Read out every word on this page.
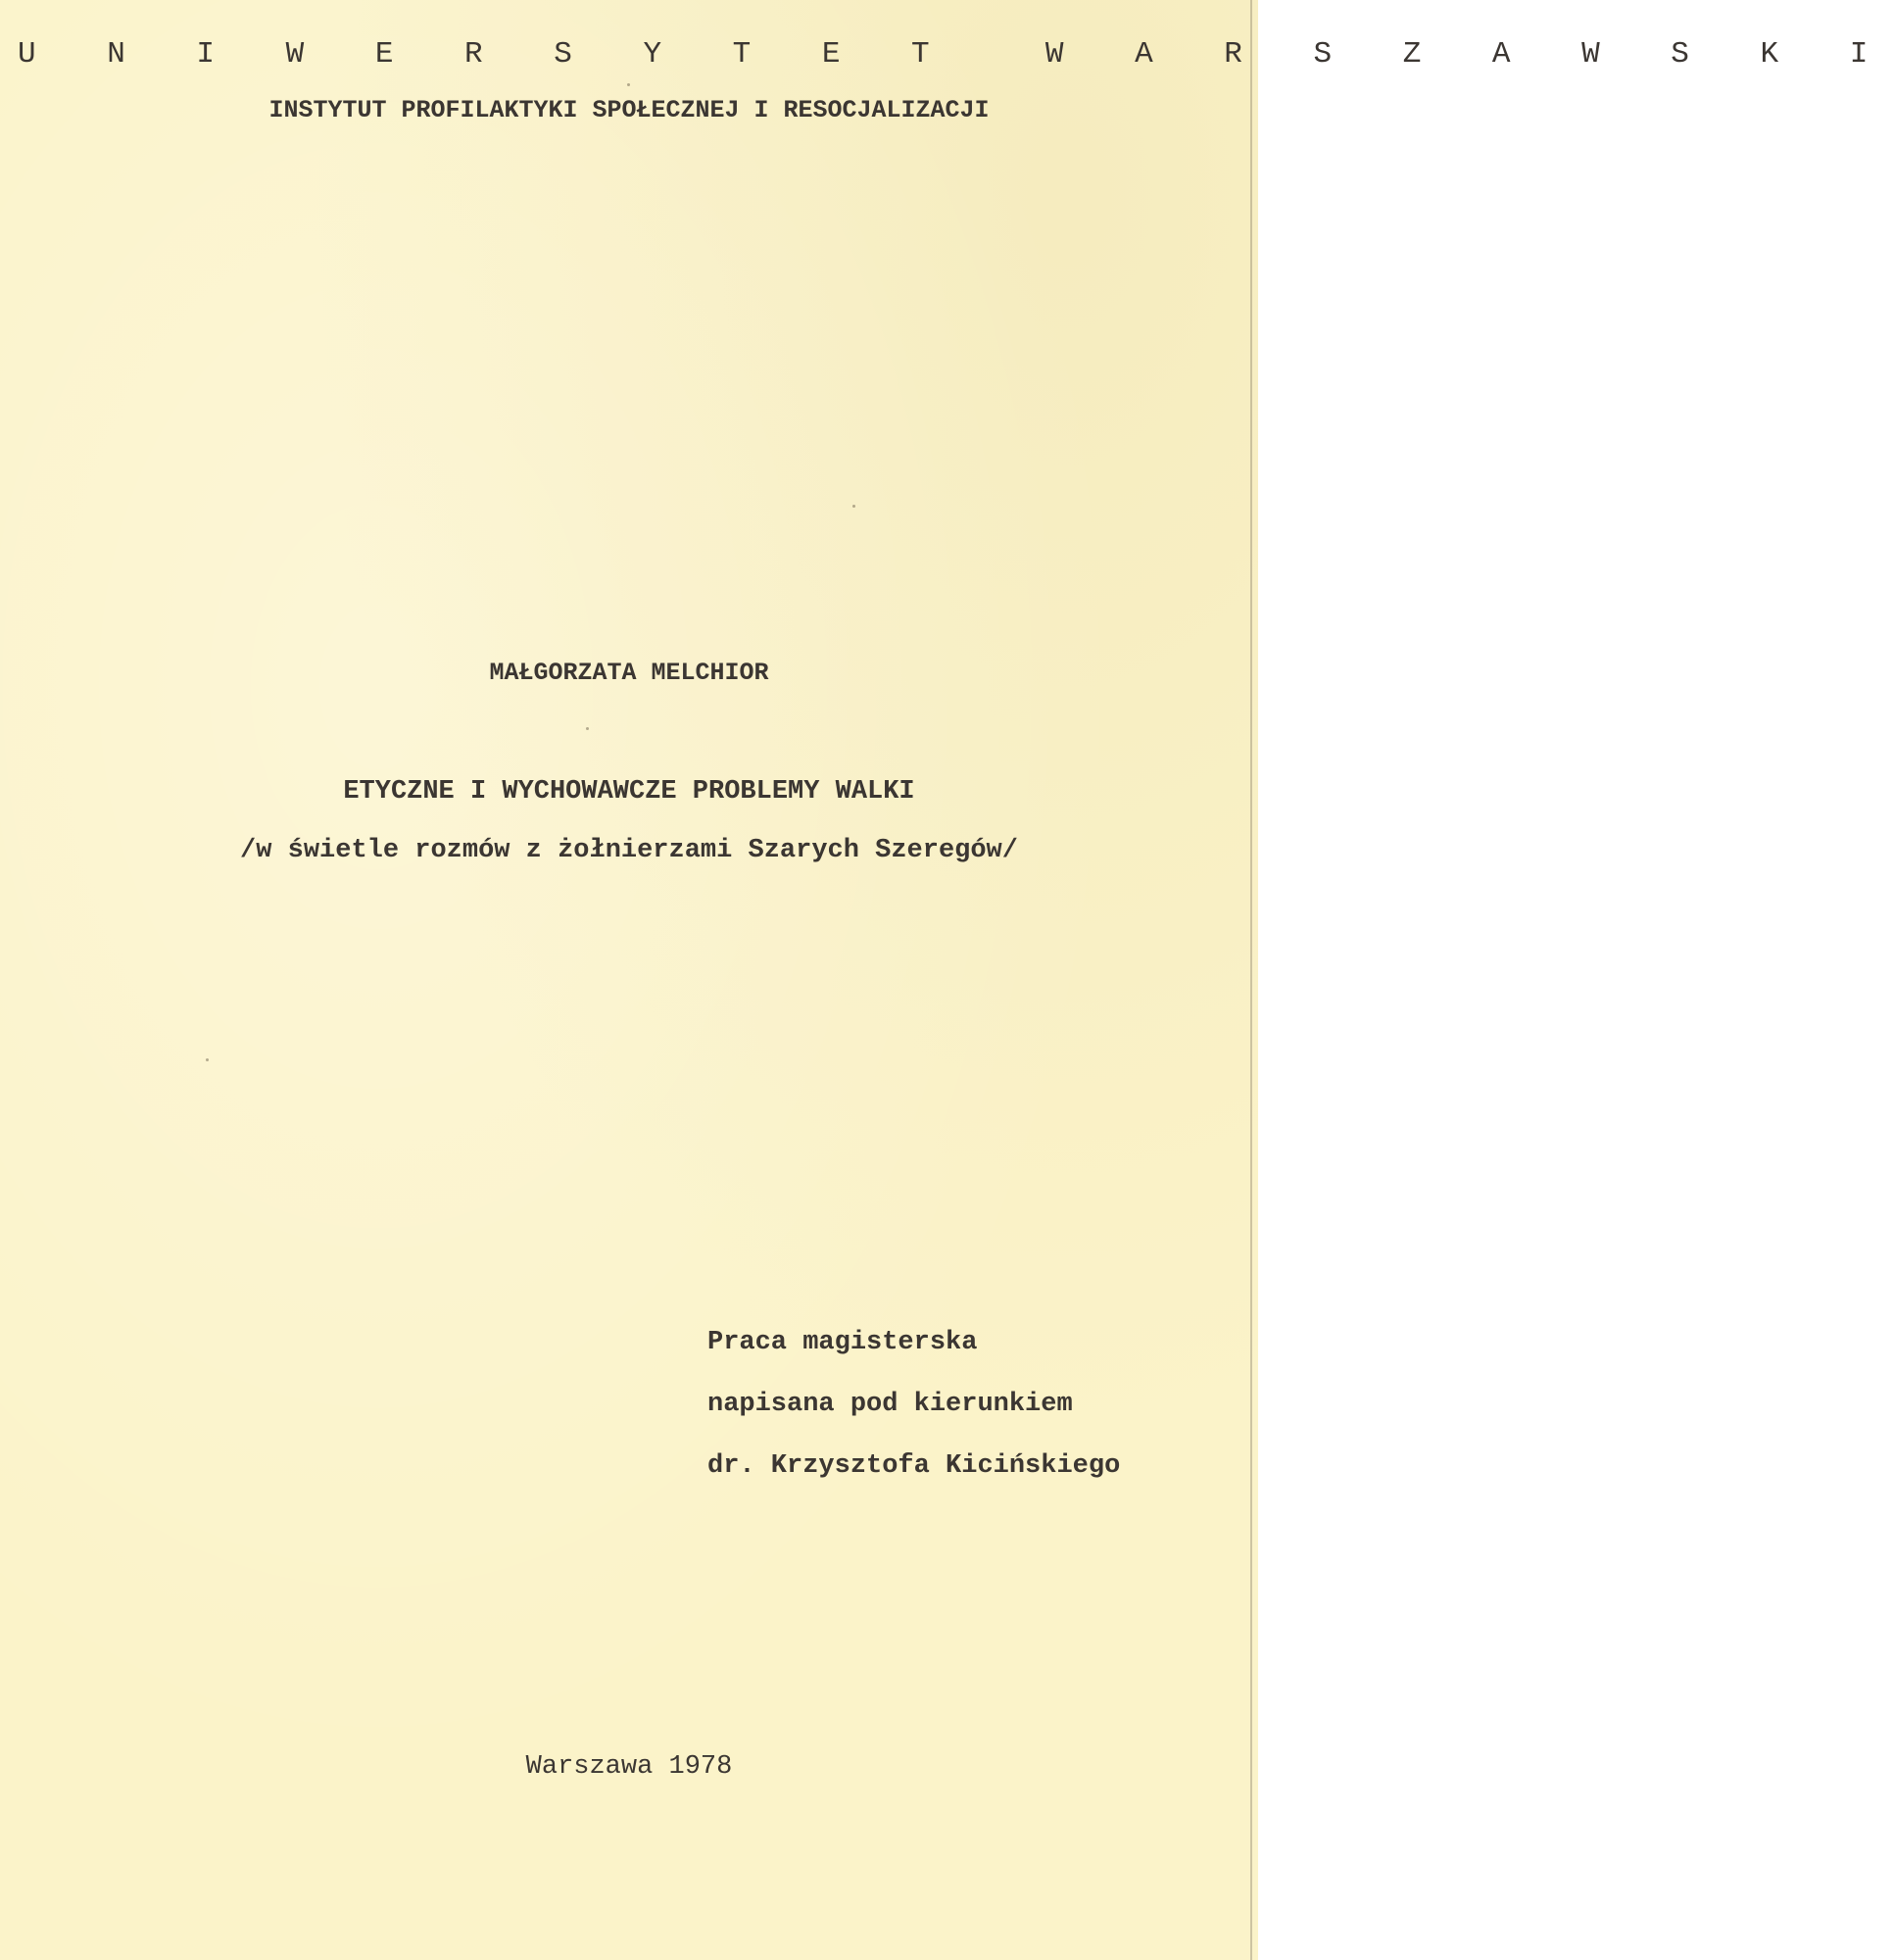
U N I W E R S Y T E T  W A R S Z A W S K I
INSTYTUT PROFILAKTYKI SPOŁECZNEJ I RESOCJALIZACJI
MAŁGORZATA MELCHIOR
ETYCZNE I WYCHOWAWCZE PROBLEMY WALKI
/w świetle rozmów z żołnierzami Szarych Szeregów/
Praca magisterska
napisana pod kierunkiem
dr. Krzysztofa Kicińskiego
Warszawa 1978
